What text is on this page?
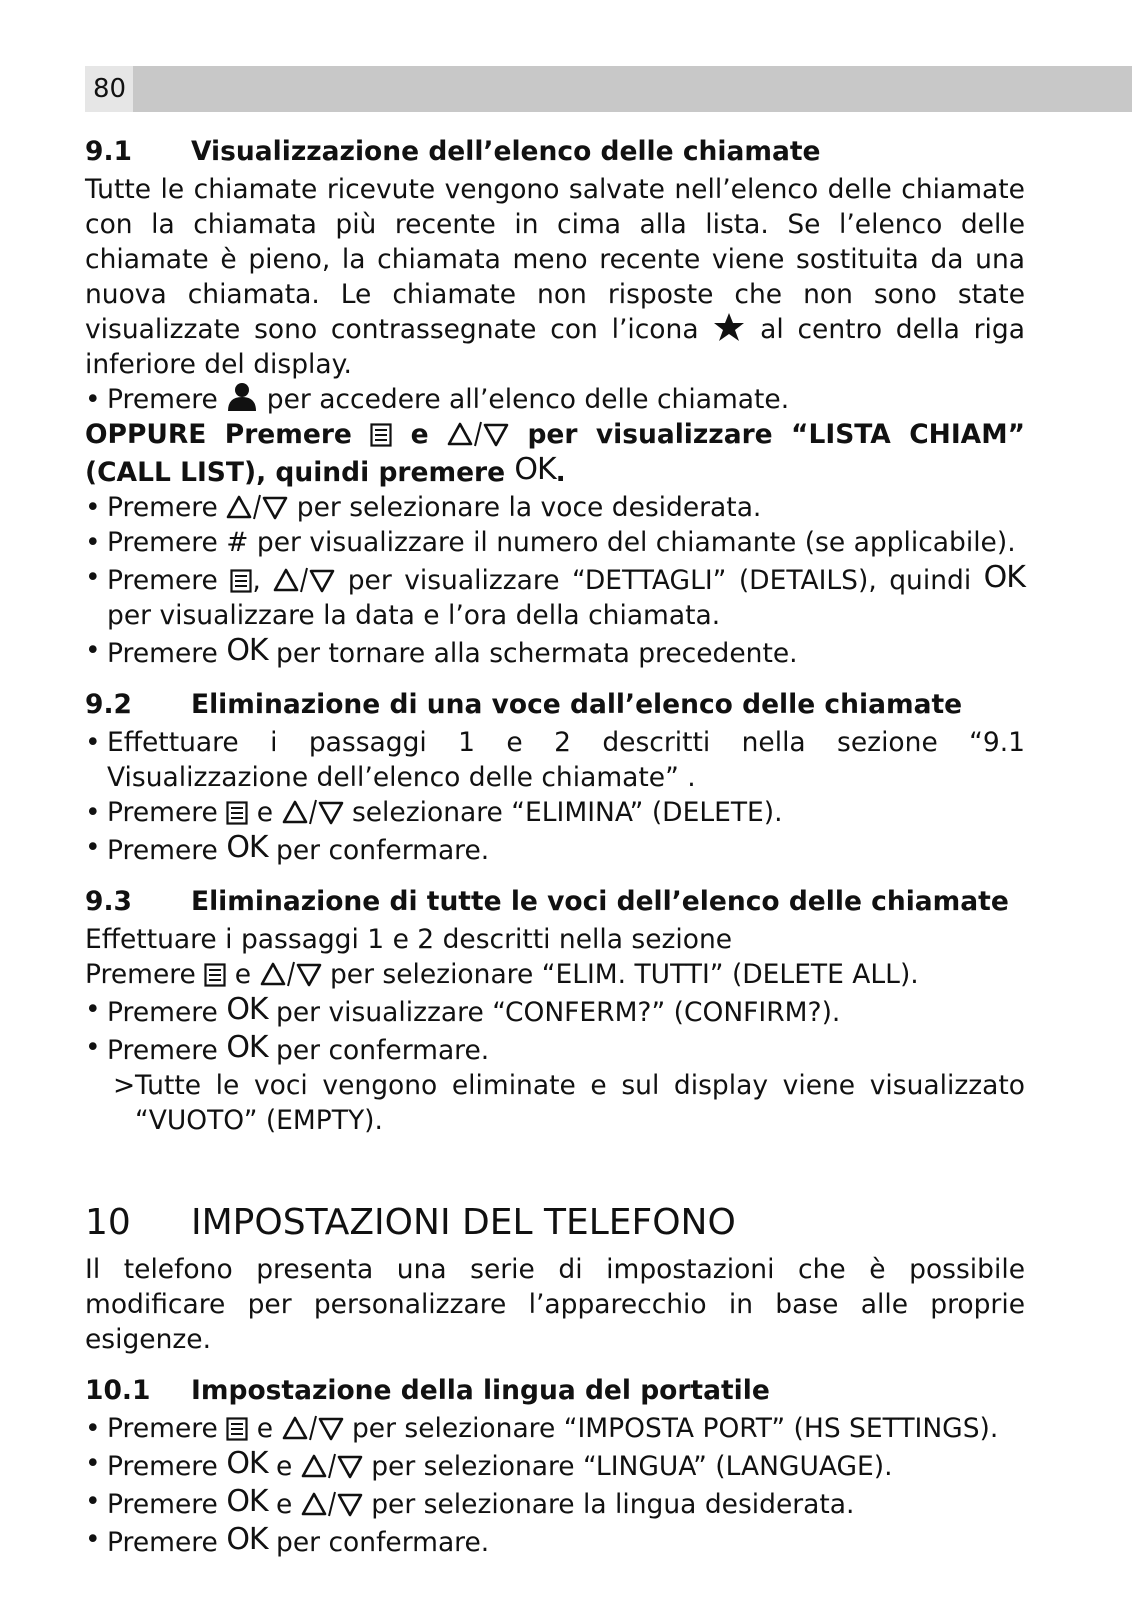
80
9.1	Visualizzazione dell’elenco delle chiamate

Tutte le chiamate ricevute vengono salvate nell’elenco delle chiamate con la chiamata più recente in cima alla lista. Se l’elenco delle chiamate è pieno, la chiamata meno recente viene sostituita da una nuova chiamata. Le chiamate non risposte che non sono state visualizzate sono contrassegnate con l’icona al centro della riga inferiore del display.

• Premere per accedere all’elenco delle chiamate.

OPPURE Premere e	per visualizzare “LISTA CHIAM” (CALL LIST), quindi premere OK.

• Premere	per selezionare la voce desiderata.
• Premere # per visualizzare il numero del chiamante (se applicabile).
• Premere ,	per visualizzare “DETTAGLI” (DETAILS), quindi OK per visualizzare la data e l’ora della chiamata.
• Premere OK per tornare alla schermata precedente.
9.2	Eliminazione di una voce dall’elenco delle chiamate
• Effettuare i passaggi 1 e 2 descritti nella sezione “9.1 Visualizzazione dell’elenco delle chiamate” .
• Premere e	selezionare “ELIMINA” (DELETE).
• Premere OK per confermare.
9.3	Eliminazione di tutte le voci dell’elenco delle chiamate

Effettuare i passaggi 1 e 2 descritti nella sezione

Premere e	per selezionare “ELIM. TUTTI” (DELETE ALL).

• Premere OK per visualizzare “CONFERM?” (CONFIRM?).
• Premere OK per confermare.
> Tutte le voci vengono eliminate e sul display viene visualizzato “VUOTO” (EMPTY).
10	IMPOSTAZIONI DEL TELEFONO

Il telefono presenta una serie di impostazioni che è possibile modificare per personalizzare l’apparecchio in base alle proprie esigenze.

10.1	Impostazione della lingua del portatile
• Premere e	per selezionare “IMPOSTA PORT” (HS SETTINGS).
• Premere OK e	per selezionare “LINGUA” (LANGUAGE).
• Premere OK e	per selezionare la lingua desiderata.
• Premere OK per confermare.
